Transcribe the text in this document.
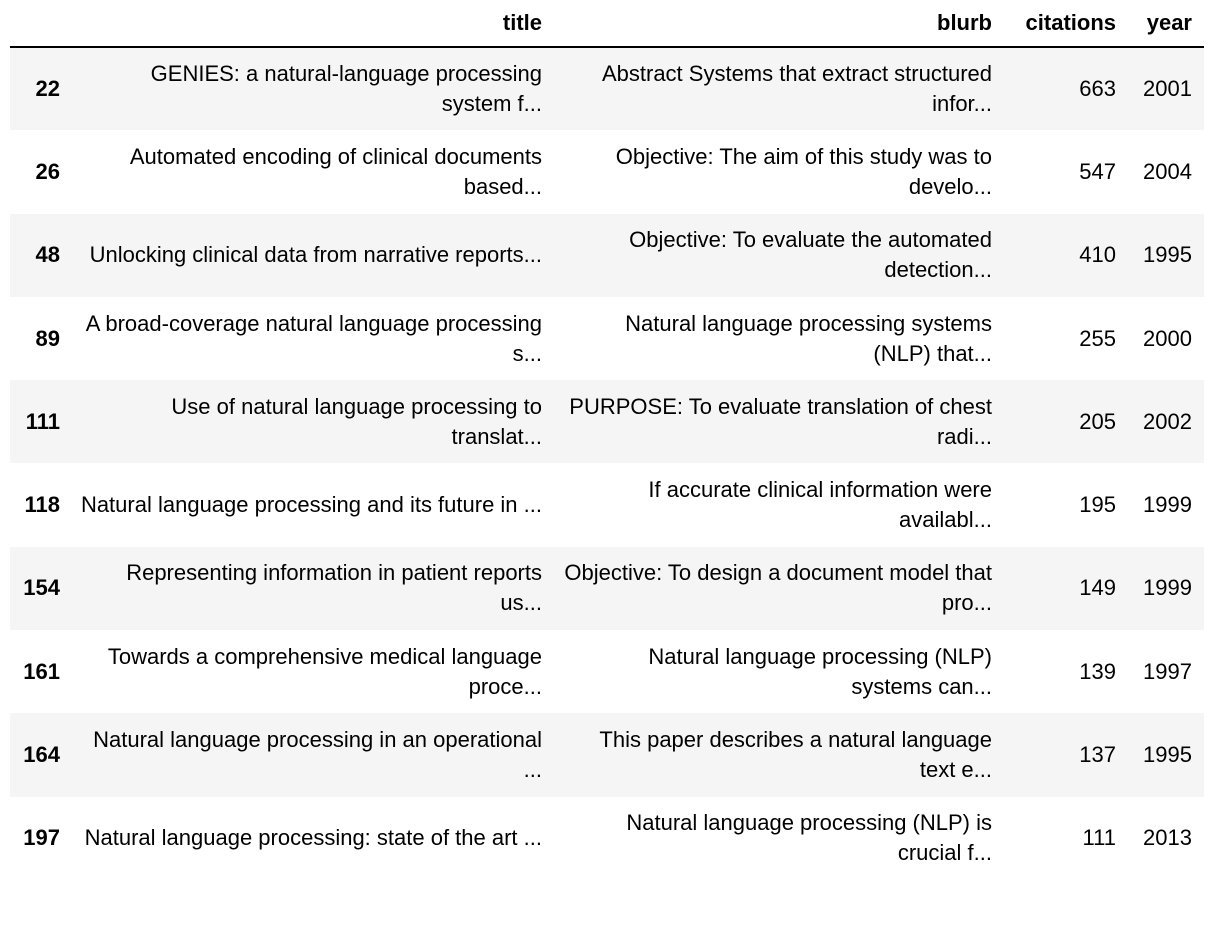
	title	blurb	citations	year
22	GENIES: a natural-language processing system f...	Abstract Systems that extract structured infor...	663	2001
26	Automated encoding of clinical documents based...	Objective: The aim of this study was to develo...	547	2004
48	Unlocking clinical data from narrative reports...	Objective: To evaluate the automated detection...	410	1995
89	A broad-coverage natural language processing s...	Natural language processing systems (NLP) that...	255	2000
111	Use of natural language processing to translat...	PURPOSE: To evaluate translation of chest radi...	205	2002
118	Natural language processing and its future in ...	If accurate clinical information were availabl...	195	1999
154	Representing information in patient reports us...	Objective: To design a document model that pro...	149	1999
161	Towards a comprehensive medical language proce...	Natural language processing (NLP) systems can...	139	1997
164	Natural language processing in an operational ...	This paper describes a natural language text e...	137	1995
197	Natural language processing: state of the art ...	Natural language processing (NLP) is crucial f...	111	2013
